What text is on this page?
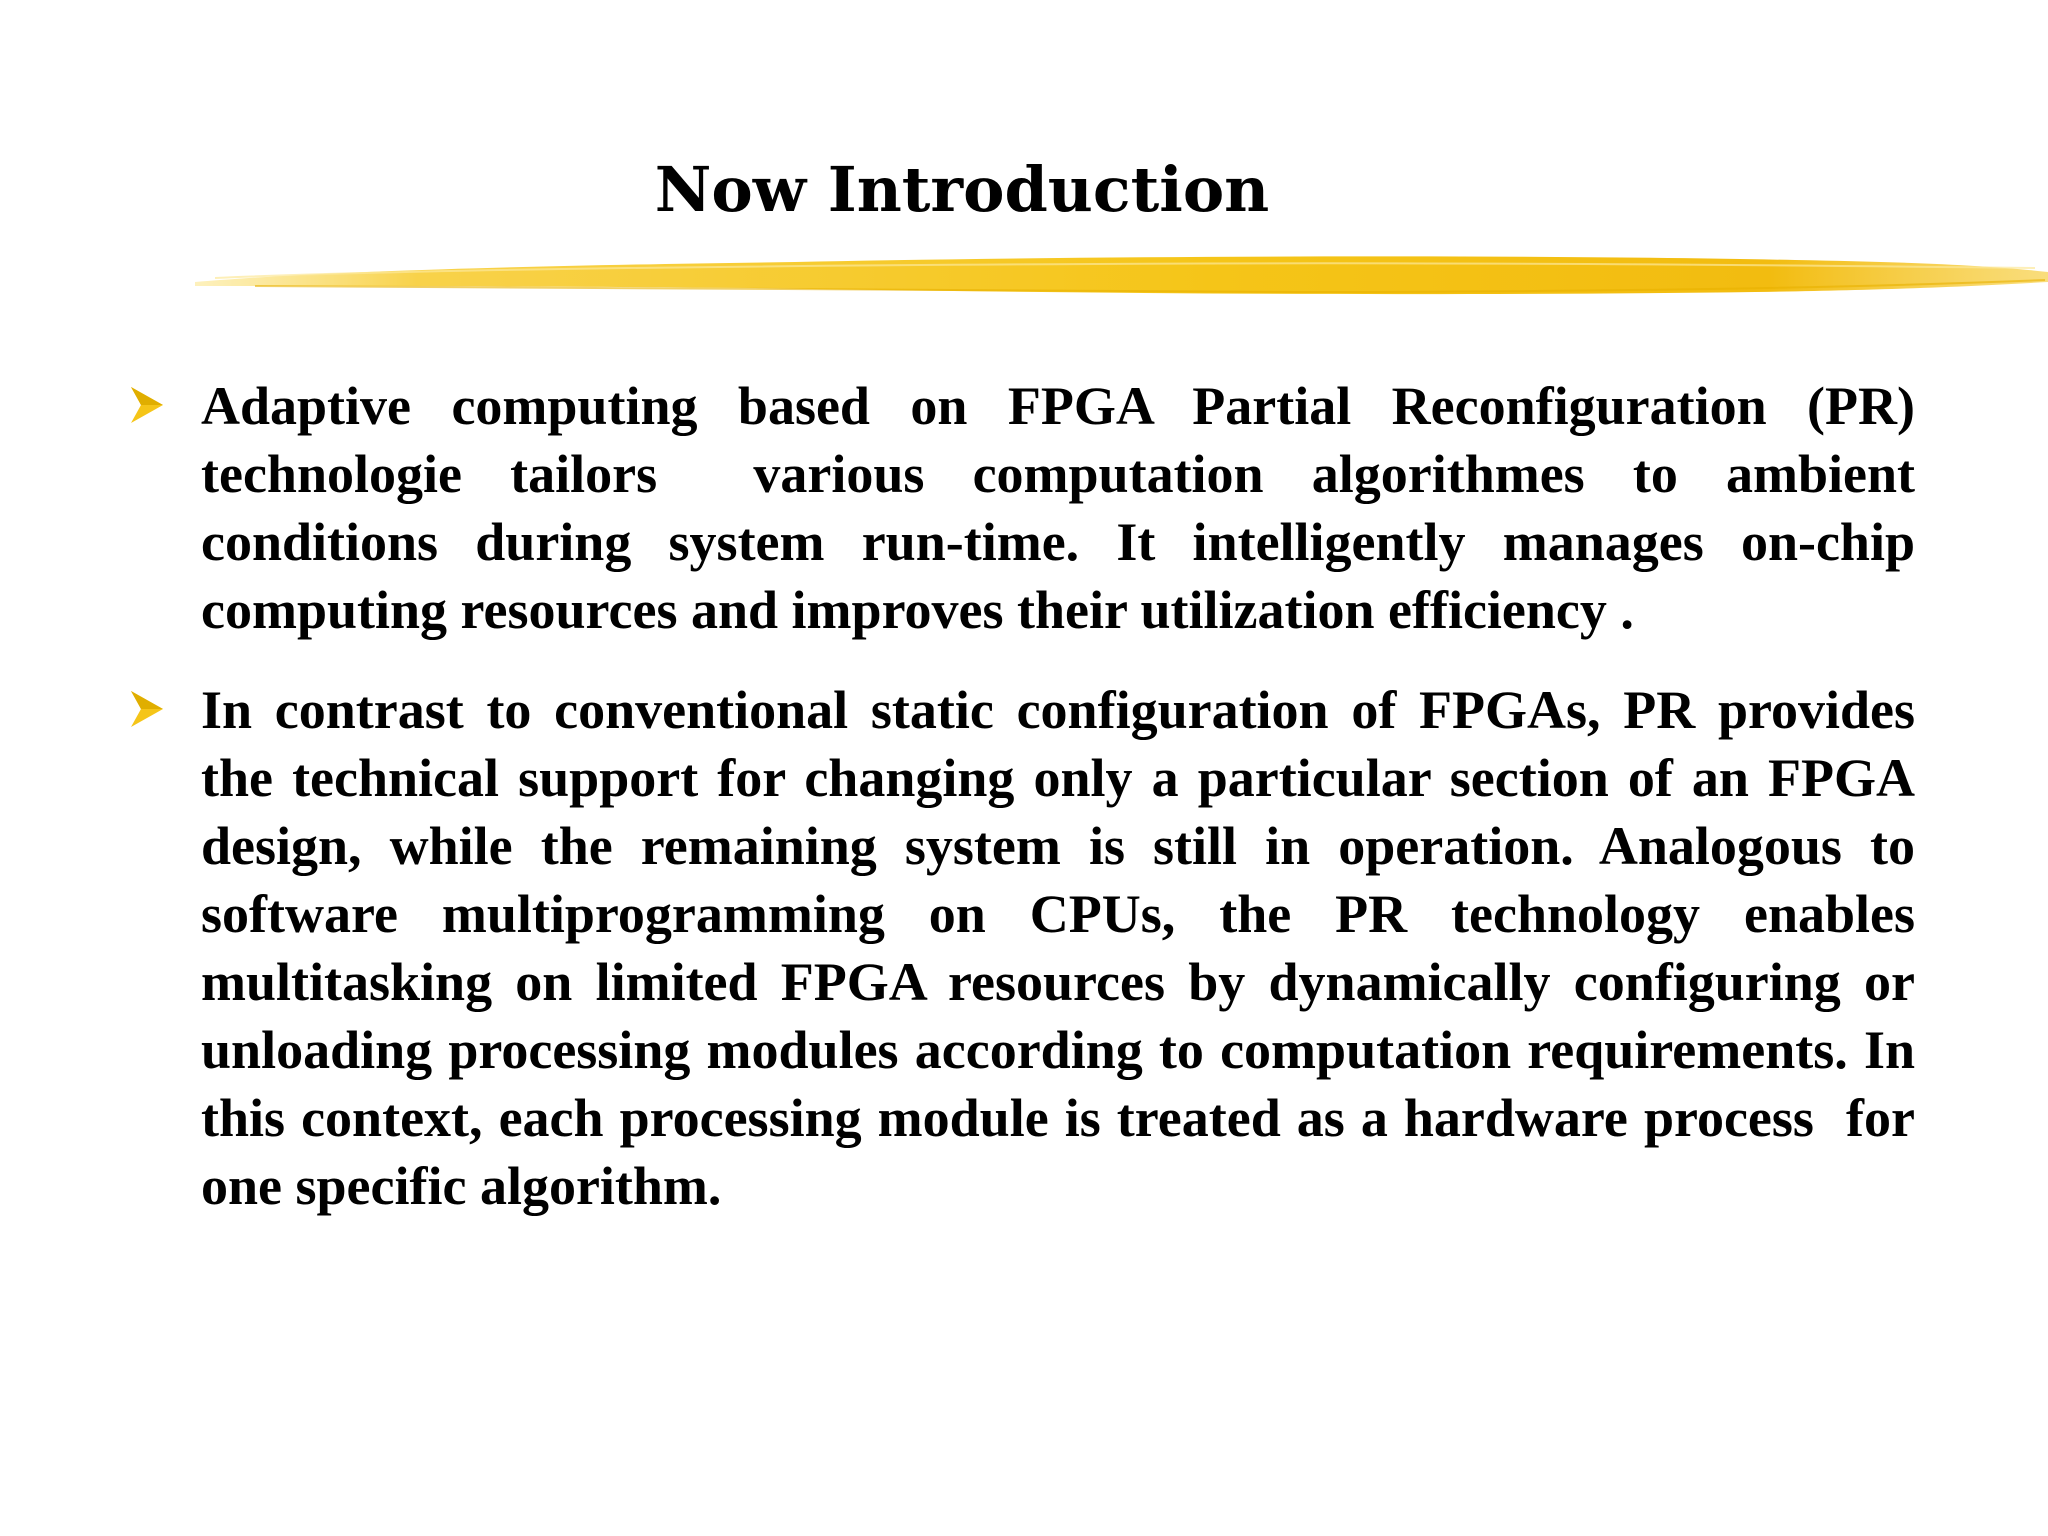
Now Introduction
Adaptive computing based on FPGA Partial Reconfiguration (PR) technologie tailors  various computation algorithmes to ambient conditions during system run-time. It intelligently manages on-chip computing resources and improves their utilization efficiency .
In contrast to conventional static configuration of FPGAs, PR provides the technical support for changing only a particular section of an FPGA design, while the remaining system is still in operation. Analogous to software multiprogramming on CPUs, the PR technology enables multitasking on limited FPGA resources by dynamically configuring or unloading processing modules according to computation requirements. In this context, each processing module is treated as a hardware process  for one specific algorithm.
